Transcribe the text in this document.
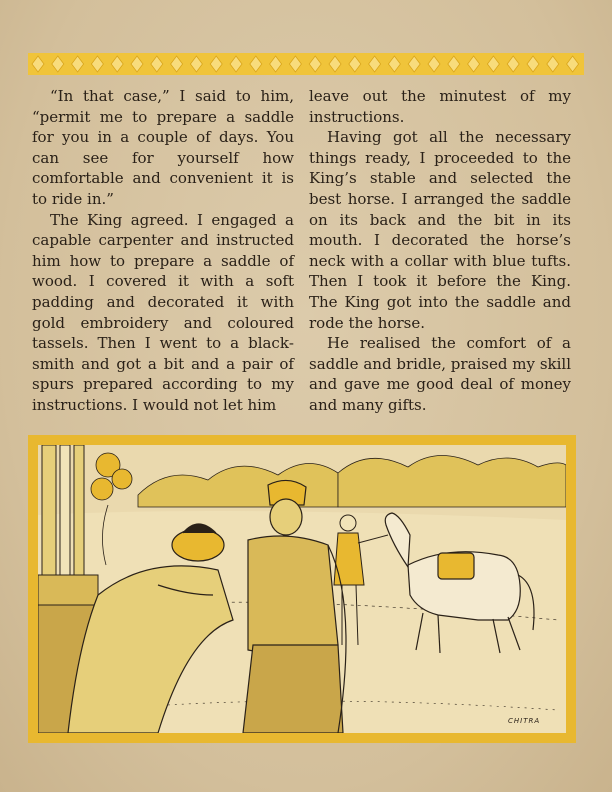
“In that case,” I said to him, “permit me to prepare a saddle for you in a couple of days. You can see for yourself how comfortable and convenient it is to ride in.”

The King agreed. I engaged a capable carpenter and instructed him how to prepare a saddle of wood. I covered it with a soft padding and decorated it with gold embroidery and coloured tassels. Then I went to a blacksmith and got a bit and a pair of spurs prepared according to my instructions. I would not let him

leave out the minutest of my instructions.

Having got all the necessary things ready, I proceeded to the King’s stable and selected the best horse. I arranged the saddle on its back and the bit in its mouth. I decorated the horse’s neck with a collar with blue tufts. Then I took it before the King. The King got into the saddle and rode the horse.

He realised the comfort of a saddle and bridle, praised my skill and gave me good deal of money and many gifts.

CHITRA
